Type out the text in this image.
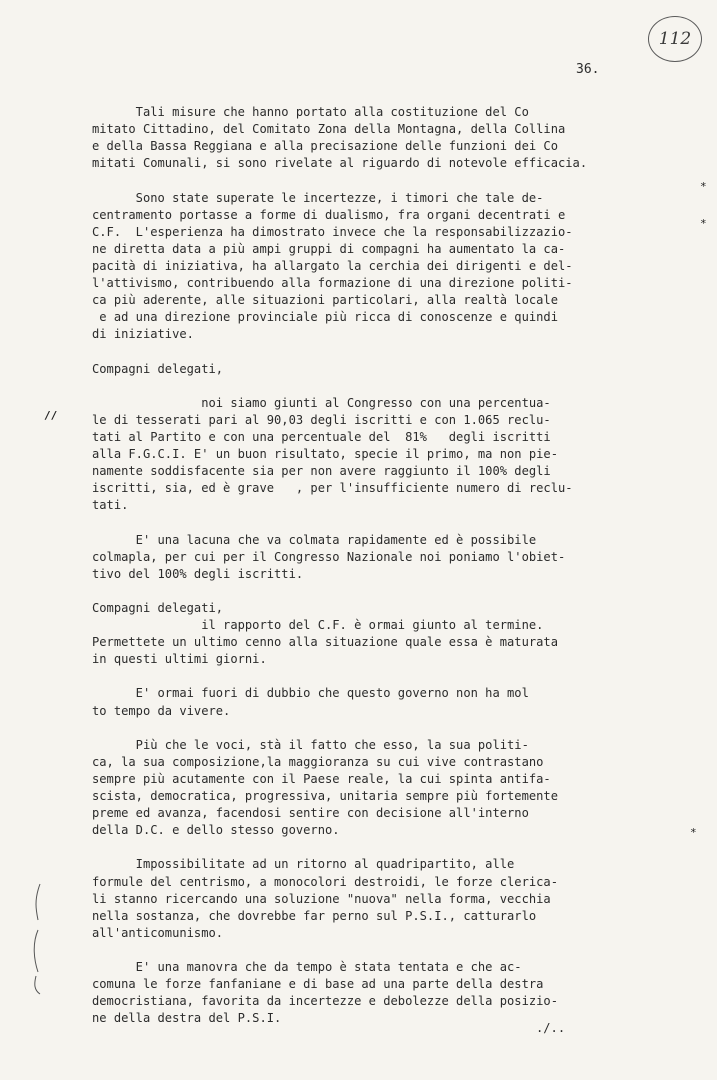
112
36.
Tali misure che hanno portato alla costituzione del Co
mitato Cittadino, del Comitato Zona della Montagna, della Collina
e della Bassa Reggiana e alla precisazione delle funzioni dei Co
mitati Comunali, si sono rivelate al riguardo di notevole efficacia.
Sono state superate le incertezze, i timori che tale de-
centramento portasse a forme di dualismo, fra organi decentrati e
C.F.  L'esperienza ha dimostrato invece che la responsabilizzazio-
ne diretta data a più ampi gruppi di compagni ha aumentato la ca-
pacità di iniziativa, ha allargato la cerchia dei dirigenti e del-
l'attivismo, contribuendo alla formazione di una direzione politi-
ca più aderente, alle situazioni particolari, alla realtà locale
e ad una direzione provinciale più ricca di conoscenze e quindi
di iniziative.
Compagni delegati,
noi siamo giunti al Congresso con una percentua-
le di tesserati pari al 90,03 degli iscritti e con 1.065 reclu-
tati al Partito e con una percentuale del  81%   degli iscritti
alla F.G.C.I. E' un buon risultato, specie il primo, ma non pie-
namente soddisfacente sia per non avere raggiunto il 100% degli
iscritti, sia, ed è grave   , per l'insufficiente numero di reclu-
tati.
E' una lacuna che va colmata rapidamente ed è possibile
colmapla, per cui per il Congresso Nazionale noi poniamo l'obiet-
tivo del 100% degli iscritti.
Compagni delegati,
il rapporto del C.F. è ormai giunto al termine.
Permettete un ultimo cenno alla situazione quale essa è maturata
in questi ultimi giorni.
E' ormai fuori di dubbio che questo governo non ha mol
to tempo da vivere.
Più che le voci, stà il fatto che esso, la sua politi-
ca, la sua composizione,la maggioranza su cui vive contrastano
sempre più acutamente con il Paese reale, la cui spinta antifa-
scista, democratica, progressiva, unitaria sempre più fortemente
preme ed avanza, facendosi sentire con decisione all'interno
della D.C. e dello stesso governo.
Impossibilitate ad un ritorno al quadripartito, alle
formule del centrismo, a monocolori destroidi, le forze clerica-
li stanno ricercando una soluzione "nuova" nella forma, vecchia
nella sostanza, che dovrebbe far perno sul P.S.I., catturarlo
all'anticomunismo.
E' una manovra che da tempo è stata tentata e che ac-
comuna le forze fanfaniane e di base ad una parte della destra
democristiana, favorita da incertezze e debolezze della posizio-
ne della destra del P.S.I.
*
*
*
//
./..
